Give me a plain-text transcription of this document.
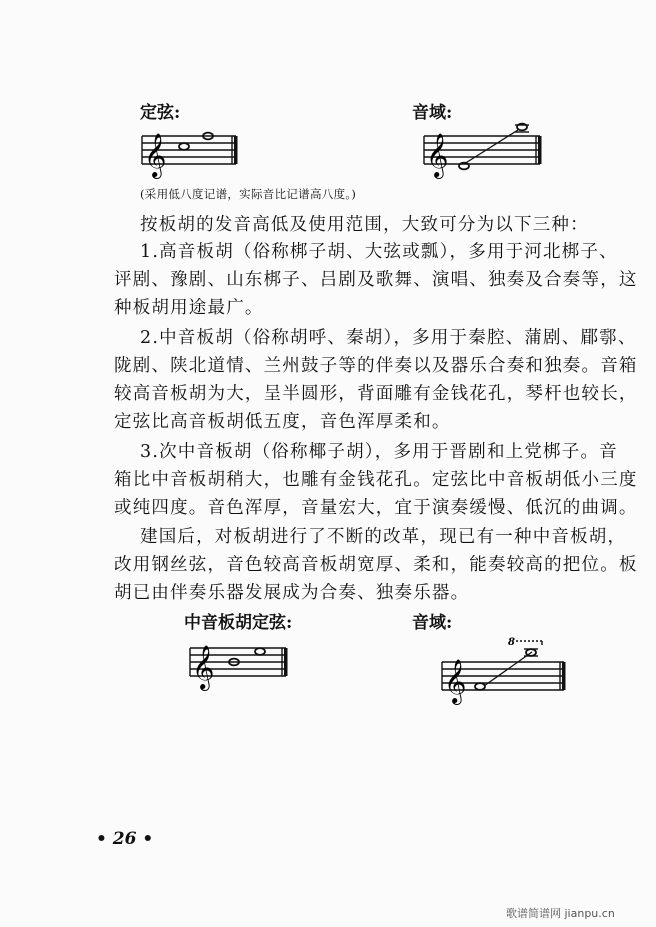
定弦:	音域:
𝄞	𝄞
(采用低八度记谱，实际音比记谱高八度。)
按板胡的发音高低及使用范围，大致可分为以下三种：
1.高音板胡（俗称梆子胡、大弦或瓢），多用于河北梆子、
评剧、豫剧、山东梆子、吕剧及歌舞、演唱、独奏及合奏等，这
种板胡用途最广。
2.中音板胡（俗称胡呼、秦胡），多用于秦腔、蒲剧、郿鄠、
陇剧、陕北道情、兰州鼓子等的伴奏以及器乐合奏和独奏。音箱
较高音板胡为大，呈半圆形，背面雕有金钱花孔，琴杆也较长，
定弦比高音板胡低五度，音色浑厚柔和。
3.次中音板胡（俗称椰子胡），多用于晋剧和上党梆子。音
箱比中音板胡稍大，也雕有金钱花孔。定弦比中音板胡低小三度
或纯四度。音色浑厚，音量宏大，宜于演奏缓慢、低沉的曲调。
建国后，对板胡进行了不断的改革，现已有一种中音板胡，
改用钢丝弦，音色较高音板胡宽厚、柔和，能奏较高的把位。板
胡已由伴奏乐器发展成为合奏、独奏乐器。
中音板胡定弦:	音域:
𝄞	𝄞
8
• 26 •
歌谱简谱网 jianpu.cn
